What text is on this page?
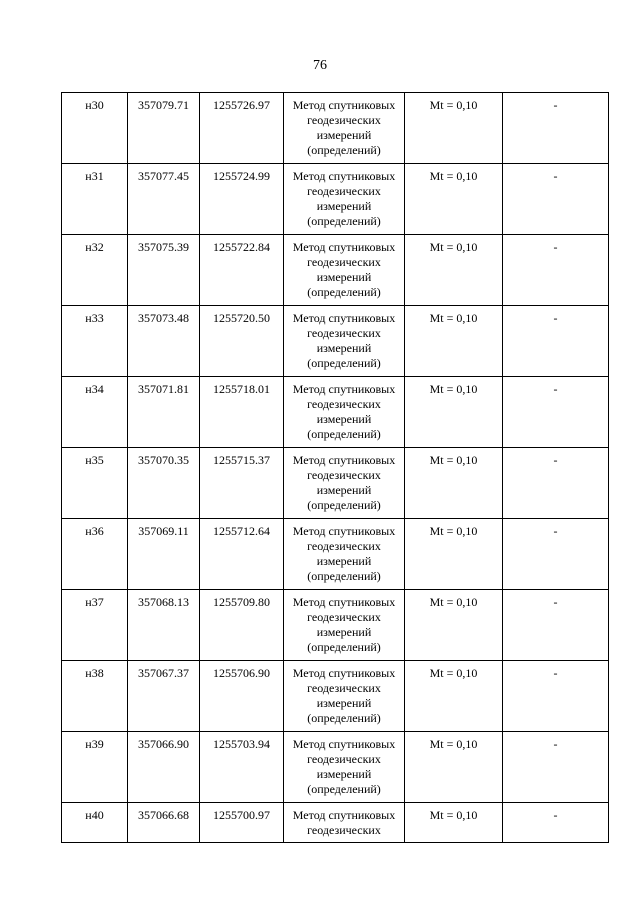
76
н30	357079.71	1255726.97	Метод спутниковых
геодезических
измерений
(определений)	Mt = 0,10	-
н31	357077.45	1255724.99	Метод спутниковых
геодезических
измерений
(определений)	Mt = 0,10	-
н32	357075.39	1255722.84	Метод спутниковых
геодезических
измерений
(определений)	Mt = 0,10	-
н33	357073.48	1255720.50	Метод спутниковых
геодезических
измерений
(определений)	Mt = 0,10	-
н34	357071.81	1255718.01	Метод спутниковых
геодезических
измерений
(определений)	Mt = 0,10	-
н35	357070.35	1255715.37	Метод спутниковых
геодезических
измерений
(определений)	Mt = 0,10	-
н36	357069.11	1255712.64	Метод спутниковых
геодезических
измерений
(определений)	Mt = 0,10	-
н37	357068.13	1255709.80	Метод спутниковых
геодезических
измерений
(определений)	Mt = 0,10	-
н38	357067.37	1255706.90	Метод спутниковых
геодезических
измерений
(определений)	Mt = 0,10	-
н39	357066.90	1255703.94	Метод спутниковых
геодезических
измерений
(определений)	Mt = 0,10	-
н40	357066.68	1255700.97	Метод спутниковых
геодезических	Mt = 0,10	-
